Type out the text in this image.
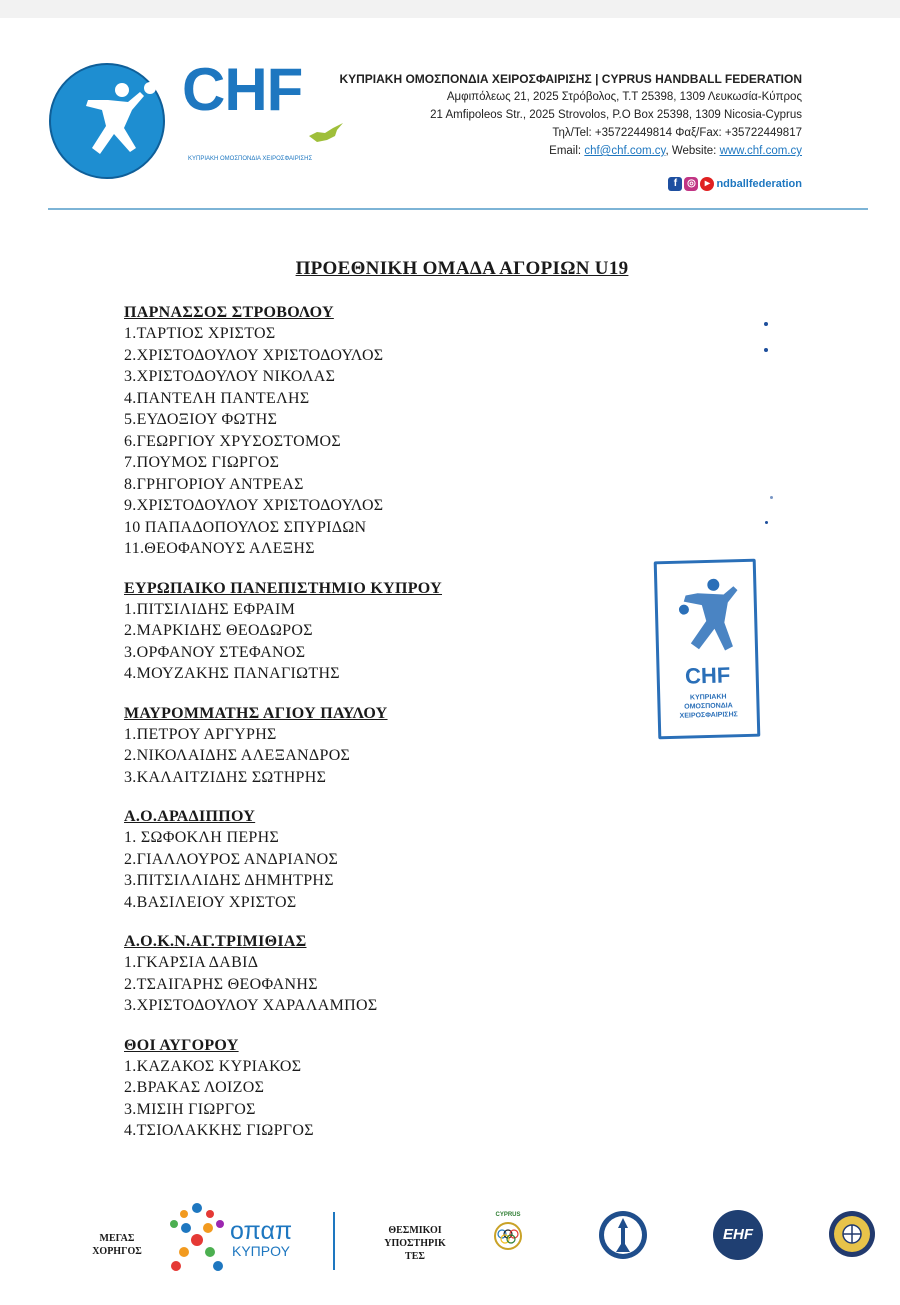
CHF
ΚΥΠΡΙΑΚΗ ΟΜΟΣΠΟΝΔΙΑ ΧΕΙΡΟΣΦΑΙΡΙΣΗΣ
ΚΥΠΡΙΑΚΗ ΟΜΟΣΠΟΝΔΙΑ ΧΕΙΡΟΣΦΑΙΡΙΣΗΣ | CYPRUS HANDBALL FEDERATION
Αμφιπόλεως 21, 2025 Στρόβολος, Τ.Τ 25398, 1309 Λευκωσία-Κύπρος
21 Amfipoleos Str., 2025 Strovolos, P.O Box 25398, 1309 Nicosia-Cyprus
Τηλ/Tel: +35722449814 Φαξ/Fax: +35722449817
Email: chf@chf.com.cy, Website: www.chf.com.cy
f ◎ ▸ ndballfederation
ΠΡΟΕΘΝΙΚΗ ΟΜΑΔΑ ΑΓΟΡΙΩΝ U19
ΠΑΡΝΑΣΣΟΣ ΣΤΡΟΒΟΛΟΥ
1.ΤΑΡΤΙΟΣ ΧΡΙΣΤΟΣ
2.ΧΡΙΣΤΟΔΟΥΛΟΥ ΧΡΙΣΤΟΔΟΥΛΟΣ
3.ΧΡΙΣΤΟΔΟΥΛΟΥ ΝΙΚΟΛΑΣ
4.ΠΑΝΤΕΛΗ ΠΑΝΤΕΛΗΣ
5.ΕΥΔΟΞΙΟΥ ΦΩΤΗΣ
6.ΓΕΩΡΓΙΟΥ ΧΡΥΣΟΣΤΟΜΟΣ
7.ΠΟΥΜΟΣ ΓΙΩΡΓΟΣ
8.ΓΡΗΓΟΡΙΟΥ ΑΝΤΡΕΑΣ
9.ΧΡΙΣΤΟΔΟΥΛΟΥ ΧΡΙΣΤΟΔΟΥΛΟΣ
10 ΠΑΠΑΔΟΠΟΥΛΟΣ ΣΠΥΡΙΔΩΝ
11.ΘΕΟΦΑΝΟΥΣ ΑΛΕΞΗΣ
ΕΥΡΩΠΑΙΚΟ ΠΑΝΕΠΙΣΤΗΜΙΟ ΚΥΠΡΟΥ
1.ΠΙΤΣΙΛΙΔΗΣ ΕΦΡΑΙΜ
2.ΜΑΡΚΙΔΗΣ ΘΕΟΔΩΡΟΣ
3.ΟΡΦΑΝΟΥ ΣΤΕΦΑΝΟΣ
4.ΜΟΥΖΑΚΗΣ ΠΑΝΑΓΙΩΤΗΣ
ΜΑΥΡΟΜΜΑΤΗΣ ΑΓΙΟΥ ΠΑΥΛΟΥ
1.ΠΕΤΡΟΥ ΑΡΓΥΡΗΣ
2.ΝΙΚΟΛΑΙΔΗΣ ΑΛΕΞΑΝΔΡΟΣ
3.ΚΑΛΑΙΤΖΙΔΗΣ ΣΩΤΗΡΗΣ
Α.Ο.ΑΡΑΔΙΠΠΟΥ
1. ΣΩΦΟΚΛΗ ΠΕΡΗΣ
2.ΓΙΑΛΛΟΥΡΟΣ ΑΝΔΡΙΑΝΟΣ
3.ΠΙΤΣΙΛΛΙΔΗΣ ΔΗΜΗΤΡΗΣ
4.ΒΑΣΙΛΕΙΟΥ ΧΡΙΣΤΟΣ
Α.Ο.Κ.Ν.ΑΓ.ΤΡΙΜΙΘΙΑΣ
1.ΓΚΑΡΣΙΑ ΔΑΒΙΔ
2.ΤΣΑΙΓΑΡΗΣ ΘΕΟΦΑΝΗΣ
3.ΧΡΙΣΤΟΔΟΥΛΟΥ ΧΑΡΑΛΑΜΠΟΣ
ΘΟΙ ΑΥΓΟΡΟΥ
1.ΚΑΖΑΚΟΣ ΚΥΡΙΑΚΟΣ
2.ΒΡΑΚΑΣ ΛΟΙΖΟΣ
3.ΜΙΣΙΗ ΓΙΩΡΓΟΣ
4.ΤΣΙΟΛΑΚΚΗΣ ΓΙΩΡΓΟΣ
CHF
ΚΥΠΡΙΑΚΗ
ΟΜΟΣΠΟΝΔΙΑ
ΧΕΙΡΟΣΦΑΙΡΙΣΗΣ
ΜΕΓΑΣ
ΧΟΡΗΓΟΣ
οπαπ
ΚΥΠΡΟΥ
ΘΕΣΜΙΚΟΙ
ΥΠΟΣΤΗΡΙΚ
ΤΕΣ
CYPRUS
EHF
